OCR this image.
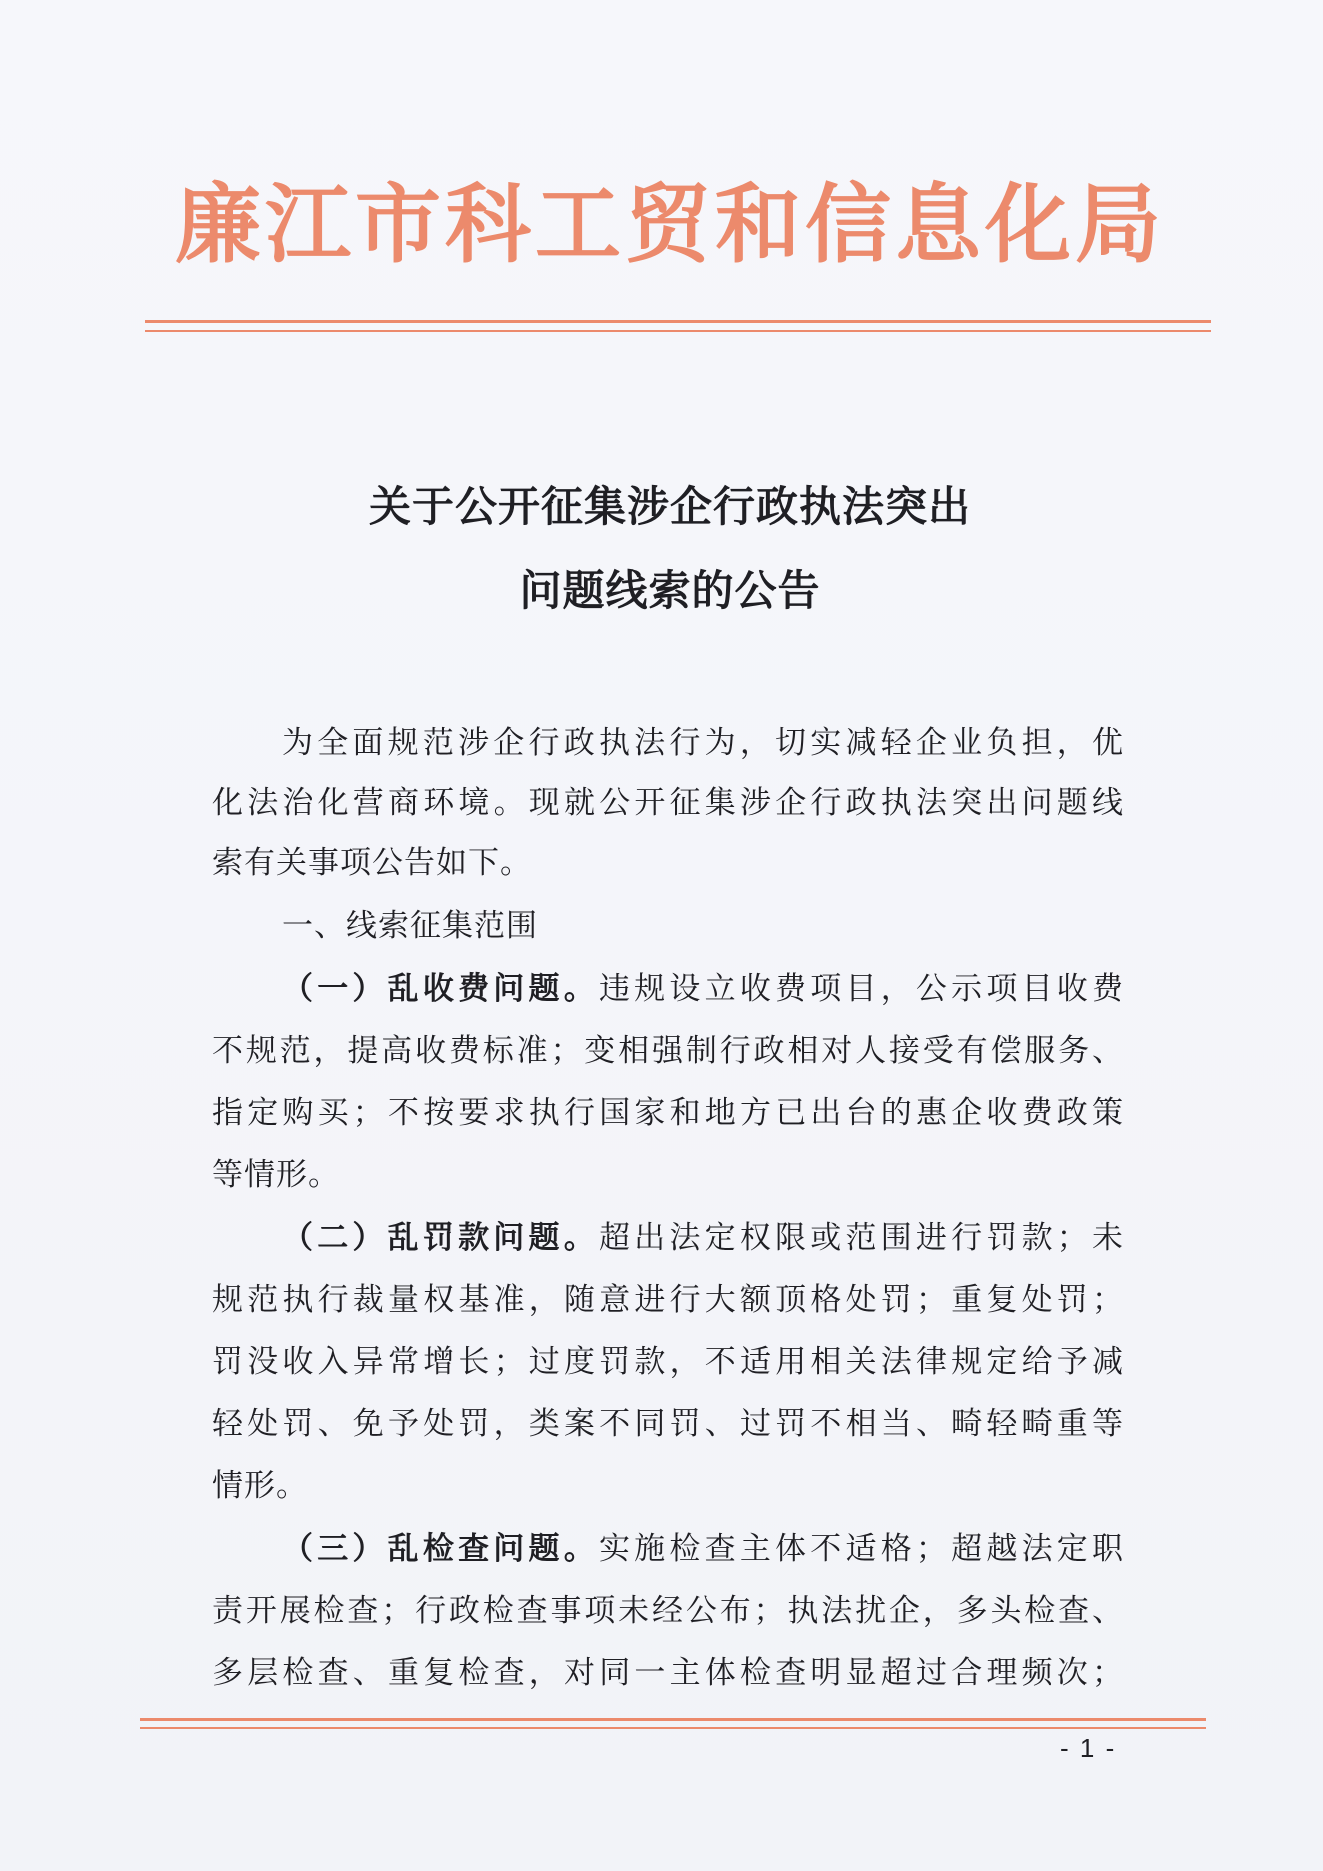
廉江市科工贸和信息化局
关于公开征集涉企行政执法突出
问题线索的公告
为全面规范涉企行政执法行为，切实减轻企业负担，优
化法治化营商环境。现就公开征集涉企行政执法突出问题线
索有关事项公告如下。
一、线索征集范围
（一）乱收费问题。违规设立收费项目，公示项目收费
不规范，提高收费标准；变相强制行政相对人接受有偿服务、
指定购买；不按要求执行国家和地方已出台的惠企收费政策
等情形。
（二）乱罚款问题。超出法定权限或范围进行罚款；未
规范执行裁量权基准，随意进行大额顶格处罚；重复处罚；
罚没收入异常增长；过度罚款，不适用相关法律规定给予减
轻处罚、免予处罚，类案不同罚、过罚不相当、畸轻畸重等
情形。
（三）乱检查问题。实施检查主体不适格；超越法定职
责开展检查；行政检查事项未经公布；执法扰企，多头检查、
多层检查、重复检查，对同一主体检查明显超过合理频次；
- 1 -
